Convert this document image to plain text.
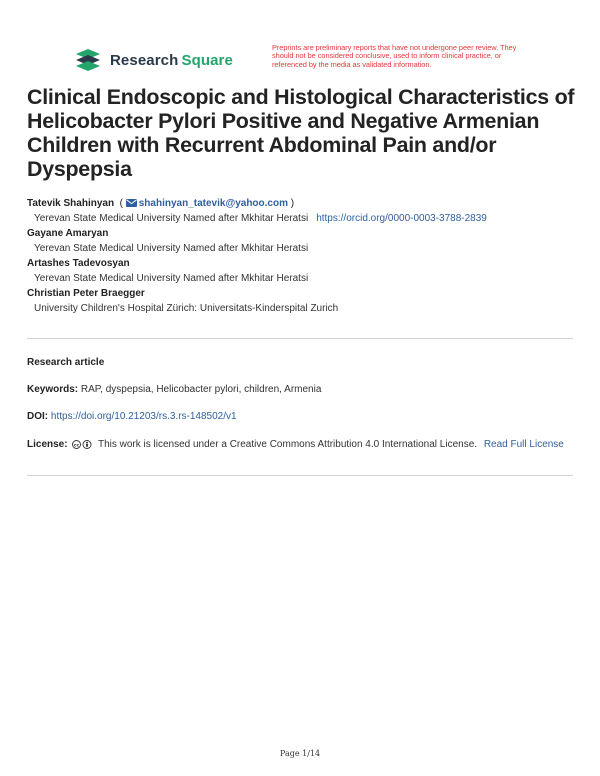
Research  Square
Preprints are preliminary reports that have not undergone peer review. They should not be considered conclusive, used to inform clinical practice, or referenced by the media as validated information.
Clinical Endoscopic and Histological Characteristics of Helicobacter Pylori Positive and Negative Armenian Children with Recurrent Abdominal Pain and/or Dyspepsia
Tatevik Shahinyan  ( shahinyan_tatevik@yahoo.com )
Yerevan State Medical University Named after Mkhitar Heratsi https://orcid.org/0000-0003-3788-2839
Gayane Amaryan
Yerevan State Medical University Named after Mkhitar Heratsi
Artashes Tadevosyan
Yerevan State Medical University Named after Mkhitar Heratsi
Christian Peter Braegger
University Children's Hospital Zürich: Universitats-Kinderspital Zurich
Research article
Keywords: RAP, dyspepsia, Helicobacter pylori, children, Armenia
DOI: https://doi.org/10.21203/rs.3.rs-148502/v1
License: cc This work is licensed under a Creative Commons Attribution 4.0 International License. Read Full License
Page 1/14
